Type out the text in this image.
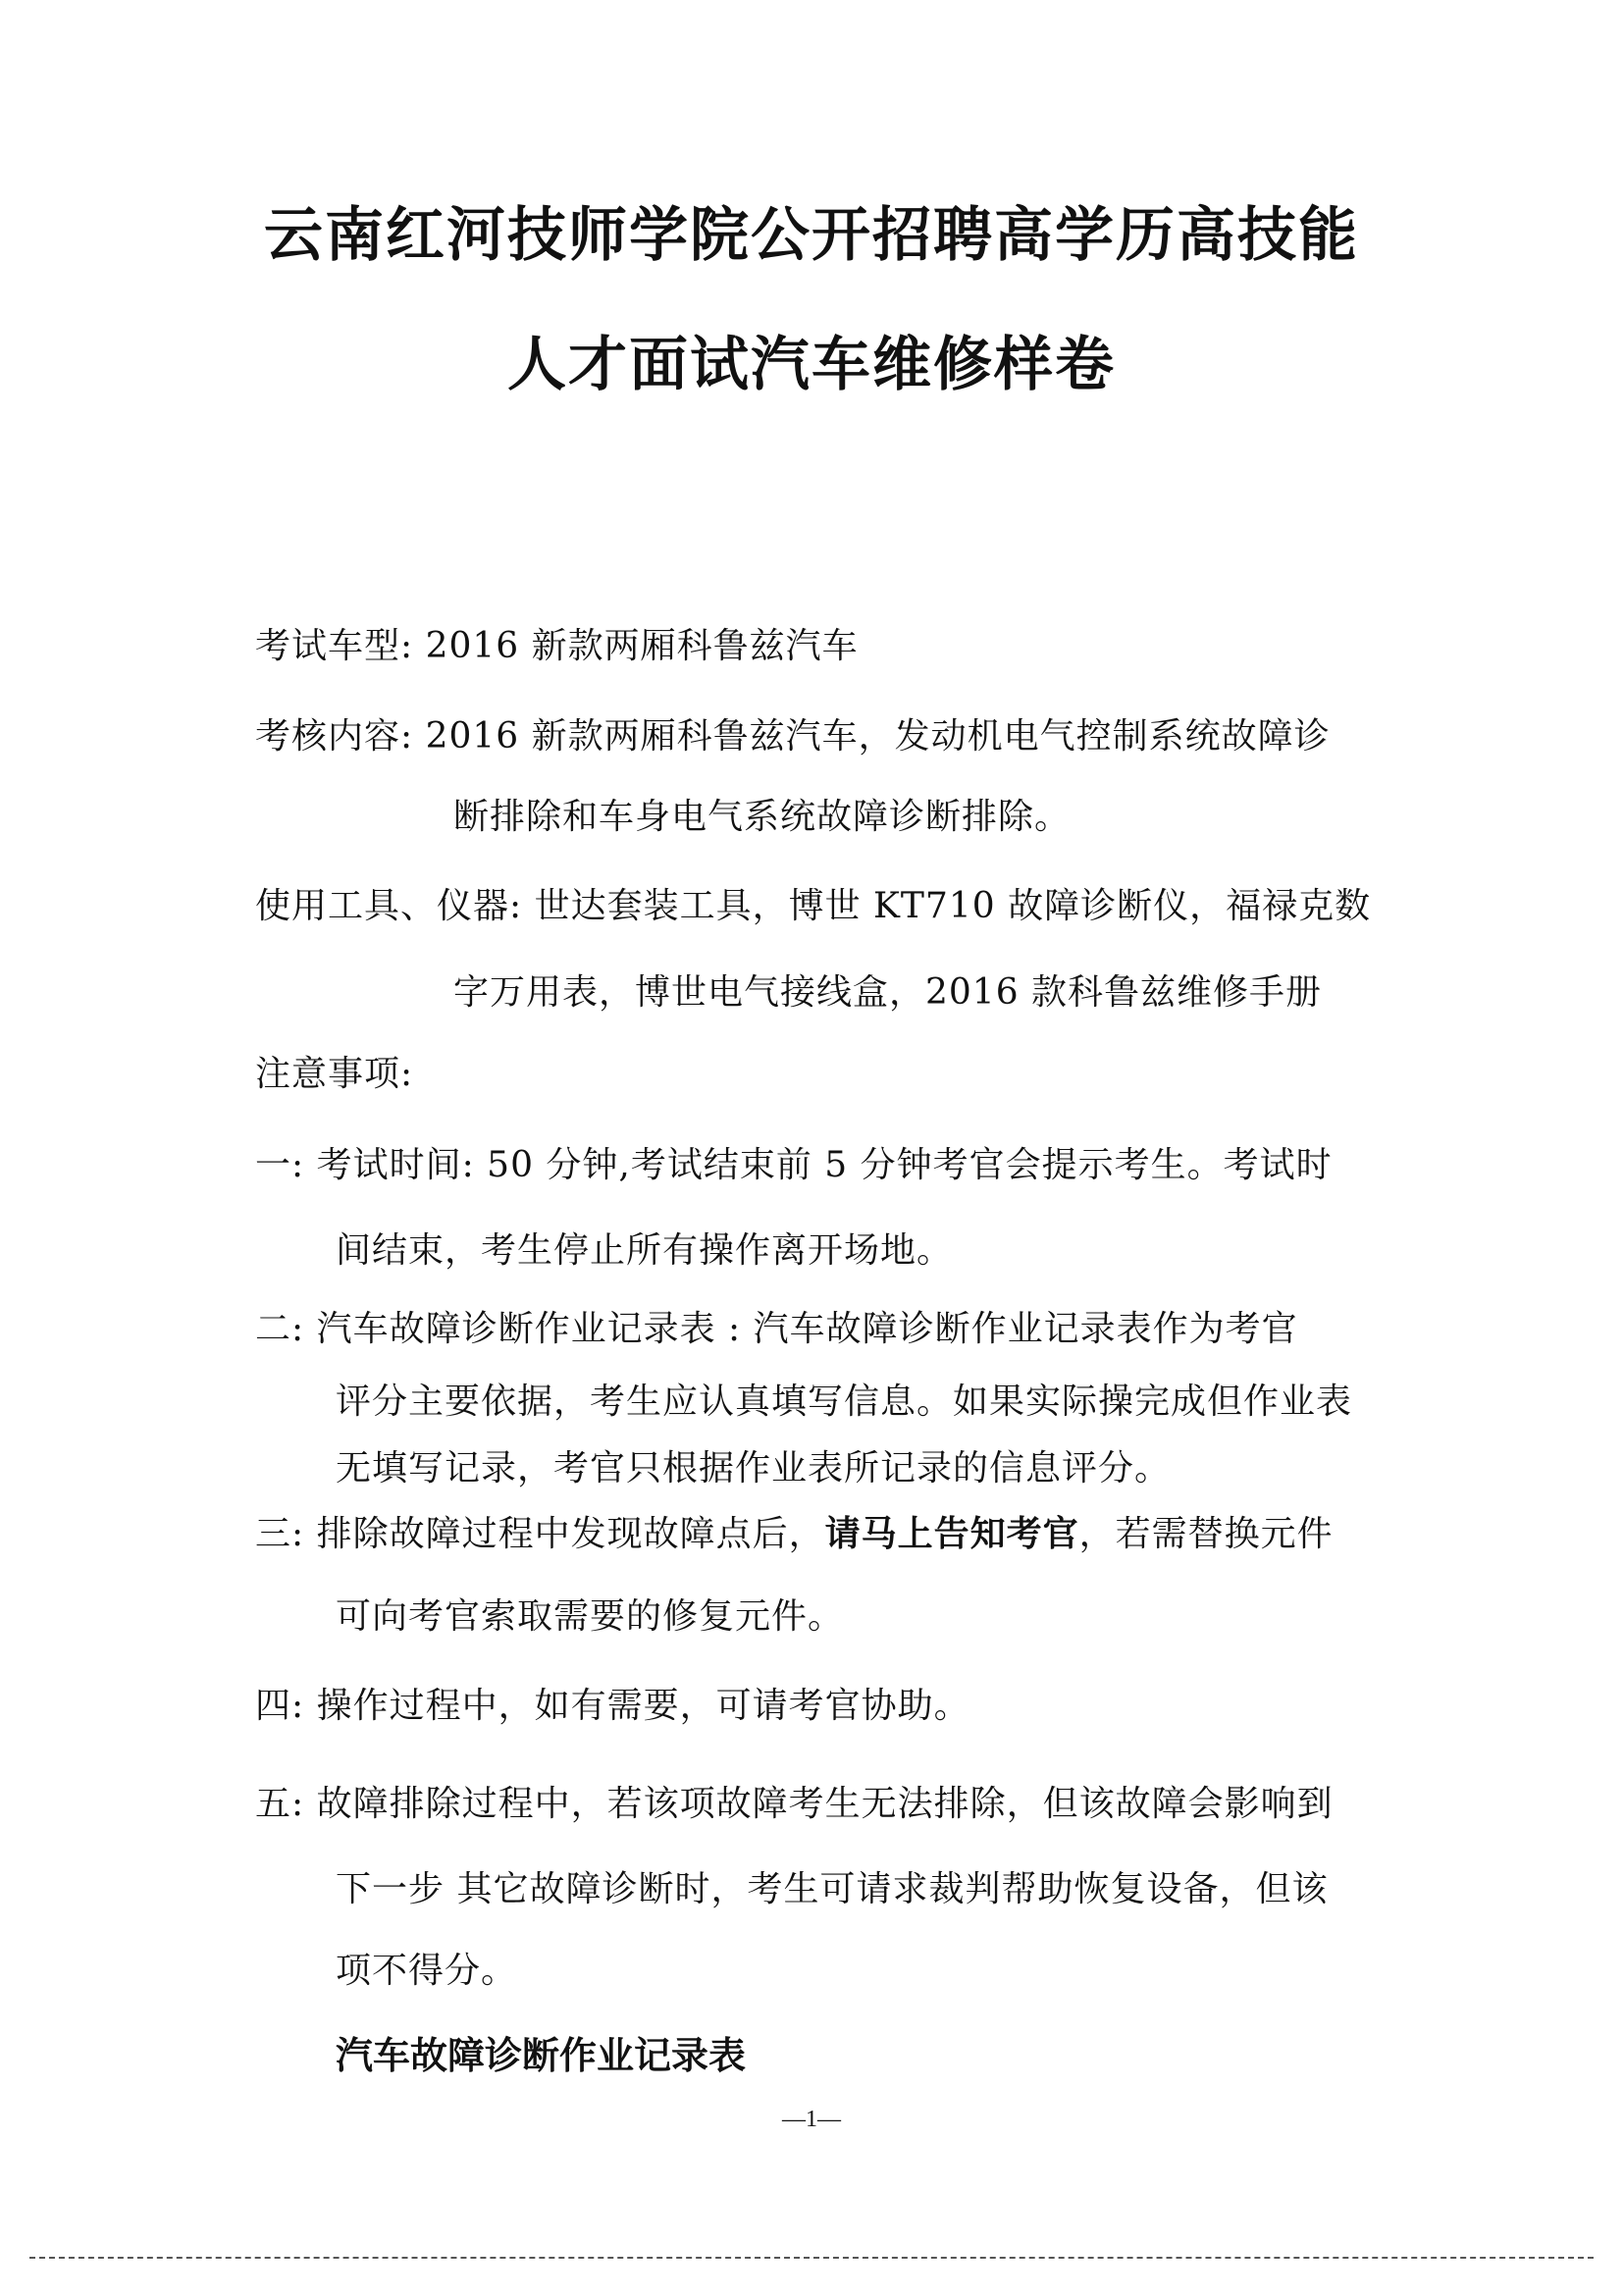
云南红河技师学院公开招聘高学历高技能
人才面试汽车维修样卷
考试车型: 2016 新款两厢科鲁兹汽车
考核内容: 2016 新款两厢科鲁兹汽车，发动机电气控制系统故障诊
断排除和车身电气系统故障诊断排除。
使用工具、仪器: 世达套装工具，博世 KT710 故障诊断仪，福禄克数
字万用表，博世电气接线盒，2016 款科鲁兹维修手册
注意事项:
一: 考试时间: 50 分钟,考试结束前 5 分钟考官会提示考生。考试时
间结束，考生停止所有操作离开场地。
二: 汽车故障诊断作业记录表 : 汽车故障诊断作业记录表作为考官
评分主要依据，考生应认真填写信息。如果实际操完成但作业表
无填写记录，考官只根据作业表所记录的信息评分。
三: 排除故障过程中发现故障点后，请马上告知考官，若需替换元件
可向考官索取需要的修复元件。
四: 操作过程中，如有需要，可请考官协助。
五: 故障排除过程中，若该项故障考生无法排除，但该故障会影响到
下一步 其它故障诊断时，考生可请求裁判帮助恢复设备，但该
项不得分。
汽车故障诊断作业记录表
—1—
